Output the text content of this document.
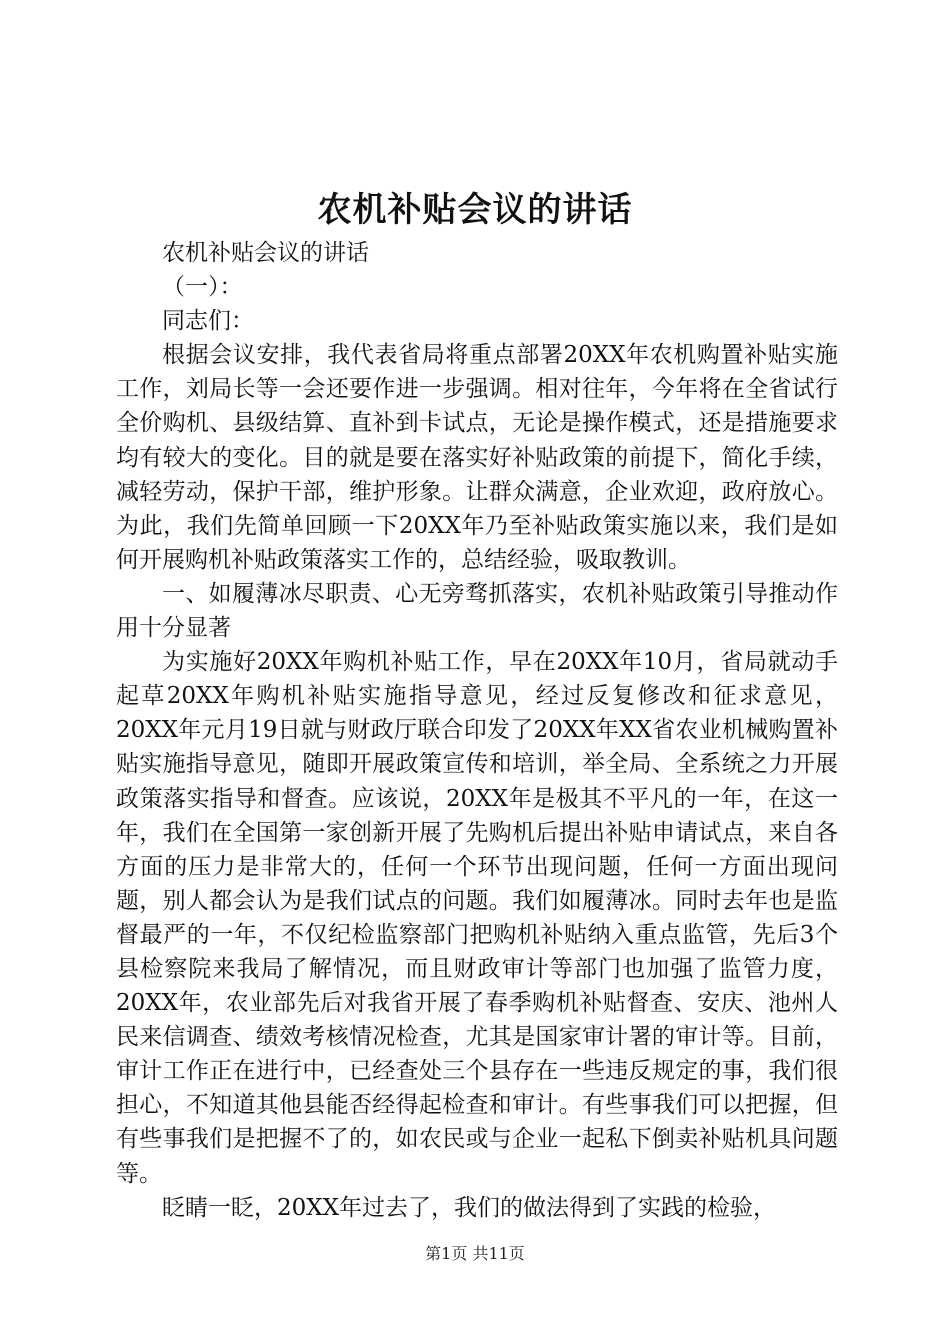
农机补贴会议的讲话

农机补贴会议的讲话

（一）：

同志们：

根据会议安排，我代表省局将重点部署20XX年农机购置补贴实施工作，刘局长等一会还要作进一步强调。相对往年，今年将在全省试行全价购机、县级结算、直补到卡试点，无论是操作模式，还是措施要求均有较大的变化。目的就是要在落实好补贴政策的前提下，简化手续，减轻劳动，保护干部，维护形象。让群众满意，企业欢迎，政府放心。为此，我们先简单回顾一下20XX年乃至补贴政策实施以来，我们是如何开展购机补贴政策落实工作的，总结经验，吸取教训。

一、如履薄冰尽职责、心无旁骛抓落实，农机补贴政策引导推动作用十分显著

为实施好20XX年购机补贴工作，早在20XX年10月，省局就动手起草20XX年购机补贴实施指导意见，经过反复修改和征求意见，20XX年元月19日就与财政厅联合印发了20XX年XX省农业机械购置补贴实施指导意见，随即开展政策宣传和培训，举全局、全系统之力开展政策落实指导和督查。应该说，20XX年是极其不平凡的一年，在这一年，我们在全国第一家创新开展了先购机后提出补贴申请试点，来自各方面的压力是非常大的，任何一个环节出现问题，任何一方面出现问题，别人都会认为是我们试点的问题。我们如履薄冰。同时去年也是监督最严的一年，不仅纪检监察部门把购机补贴纳入重点监管，先后3个县检察院来我局了解情况，而且财政审计等部门也加强了监管力度，20XX年，农业部先后对我省开展了春季购机补贴督查、安庆、池州人民来信调查、绩效考核情况检查，尤其是国家审计署的审计等。目前，审计工作正在进行中，已经查处三个县存在一些违反规定的事，我们很担心，不知道其他县能否经得起检查和审计。有些事我们可以把握，但有些事我们是把握不了的，如农民或与企业一起私下倒卖补贴机具问题等。

眨睛一眨，20XX年过去了，我们的做法得到了实践的检验，

第1页 共11页
